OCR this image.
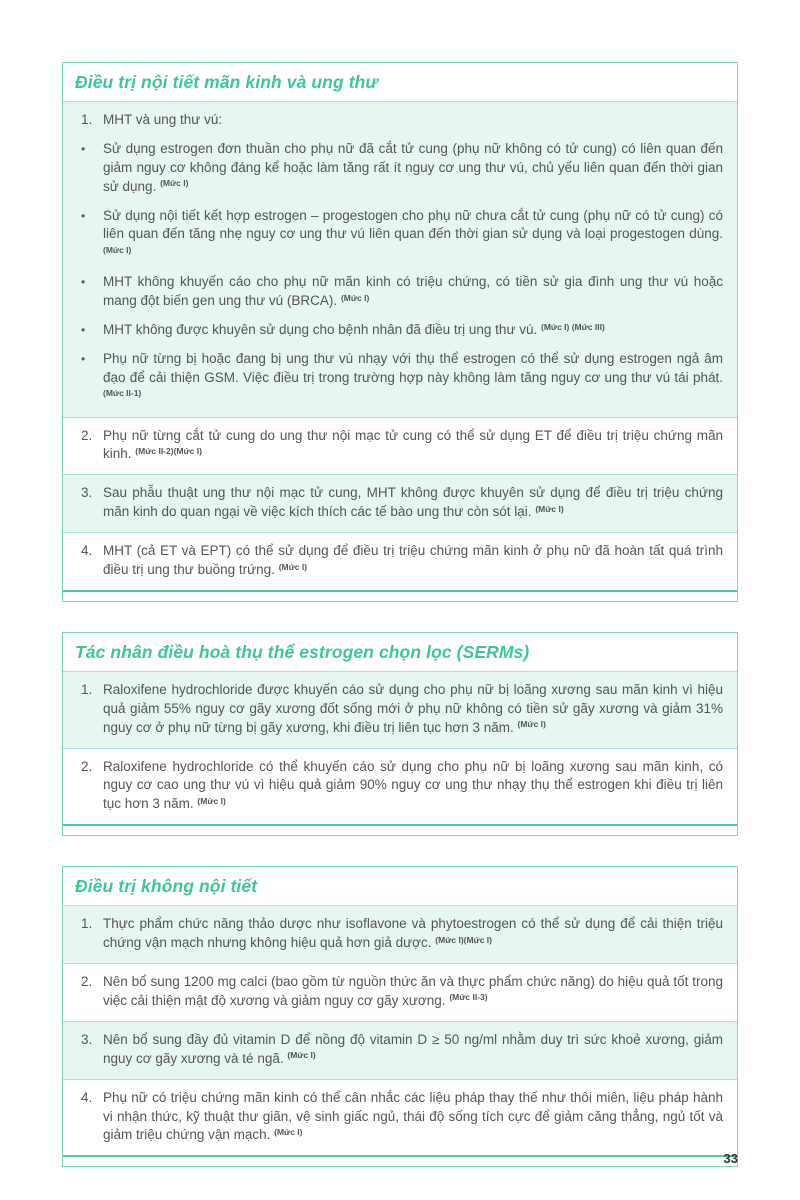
Điều trị nội tiết mãn kinh và ung thư
1. MHT và ung thư vú:

•	Sử dụng estrogen đơn thuần cho phụ nữ đã cắt tử cung (phụ nữ không có tử cung) có liên quan đến giảm nguy cơ không đáng kể hoặc làm tăng rất ít nguy cơ ung thư vú, chủ yếu liên quan đến thời gian sử dụng. $^{(Mức I)}$

•	Sử dụng nội tiết kết hợp estrogen – progestogen cho phụ nữ chưa cắt tử cung (phụ nữ có tử cung) có liên quan đến tăng nhẹ nguy cơ ung thư vú liên quan đến thời gian sử dụng và loại progestogen dùng. $^{(Mức I)}$

•	MHT không khuyến cáo cho phụ nữ mãn kinh có triệu chứng, có tiền sử gia đình ung thư vú hoặc mang đột biến gen ung thư vú (BRCA). $^{(Mức I)}$

•	MHT không được khuyên sử dụng cho bệnh nhân đã điều trị ung thư vú. $^{(Mức I) (Mức III)}$

•	Phụ nữ từng bị hoặc đang bị ung thư vú nhạy với thụ thể estrogen có thể sử dụng estrogen ngả âm đạo để cải thiện GSM. Việc điều trị trong trường hợp này không làm tăng nguy cơ ung thư vú tái phát. $^{(Mức II-1)}$

2. Phụ nữ từng cắt tử cung do ung thư nội mạc tử cung có thể sử dụng ET để điều trị triệu chứng mãn kinh. $^{(Mức II-2)(Mức I)}$

3. Sau phẫu thuật ung thư nội mạc tử cung, MHT không được khuyên sử dụng để điều trị triệu chứng mãn kinh do quan ngại về việc kích thích các tế bào ung thư còn sót lại. $^{(Mức I)}$

4. MHT (cả ET và EPT) có thể sử dụng để điều trị triệu chứng mãn kinh ở phụ nữ đã hoàn tất quá trình điều trị ung thư buồng trứng. $^{(Mức I)}$

Tác nhân điều hoà thụ thể estrogen chọn lọc (SERMs)
1. Raloxifene hydrochloride được khuyến cáo sử dụng cho phụ nữ bị loãng xương sau mãn kinh vì hiệu quả giảm 55% nguy cơ gãy xương đốt sống mới ở phụ nữ không có tiền sử gãy xương và giảm 31% nguy cơ ở phụ nữ từng bị gãy xương, khi điều trị liên tục hơn 3 năm. $^{(Mức I)}$

2. Raloxifene hydrochloride có thể khuyến cáo sử dụng cho phụ nữ bị loãng xương sau mãn kinh, có nguy cơ cao ung thư vú vì hiệu quả giảm 90% nguy cơ ung thư nhạy thụ thể estrogen khi điều trị liên tục hơn 3 năm. $^{(Mức I)}$

Điều trị không nội tiết
1. Thực phẩm chức năng thảo dược như isoflavone và phytoestrogen có thể sử dụng để cải thiện triệu chứng vận mạch nhưng không hiệu quả hơn giả dược. $^{(Mức I)(Mức I)}$

2. Nên bổ sung 1200 mg calci (bao gồm từ nguồn thức ăn và thực phẩm chức năng) do hiệu quả tốt trong việc cải thiện mật độ xương và giảm nguy cơ gãy xương. $^{(Mức II-3)}$

3. Nên bổ sung đầy đủ vitamin D để nồng độ vitamin D ≥ 50 ng/ml nhằm duy trì sức khoẻ xương, giảm nguy cơ gãy xương và té ngã. $^{(Mức I)}$

4. Phụ nữ có triệu chứng mãn kinh có thể cân nhắc các liệu pháp thay thế như thôi miên, liệu pháp hành vi nhận thức, kỹ thuật thư giãn, vệ sinh giấc ngủ, thái độ sống tích cực để giảm căng thẳng, ngủ tốt và giảm triệu chứng vận mạch. $^{(Mức I)}$

33
